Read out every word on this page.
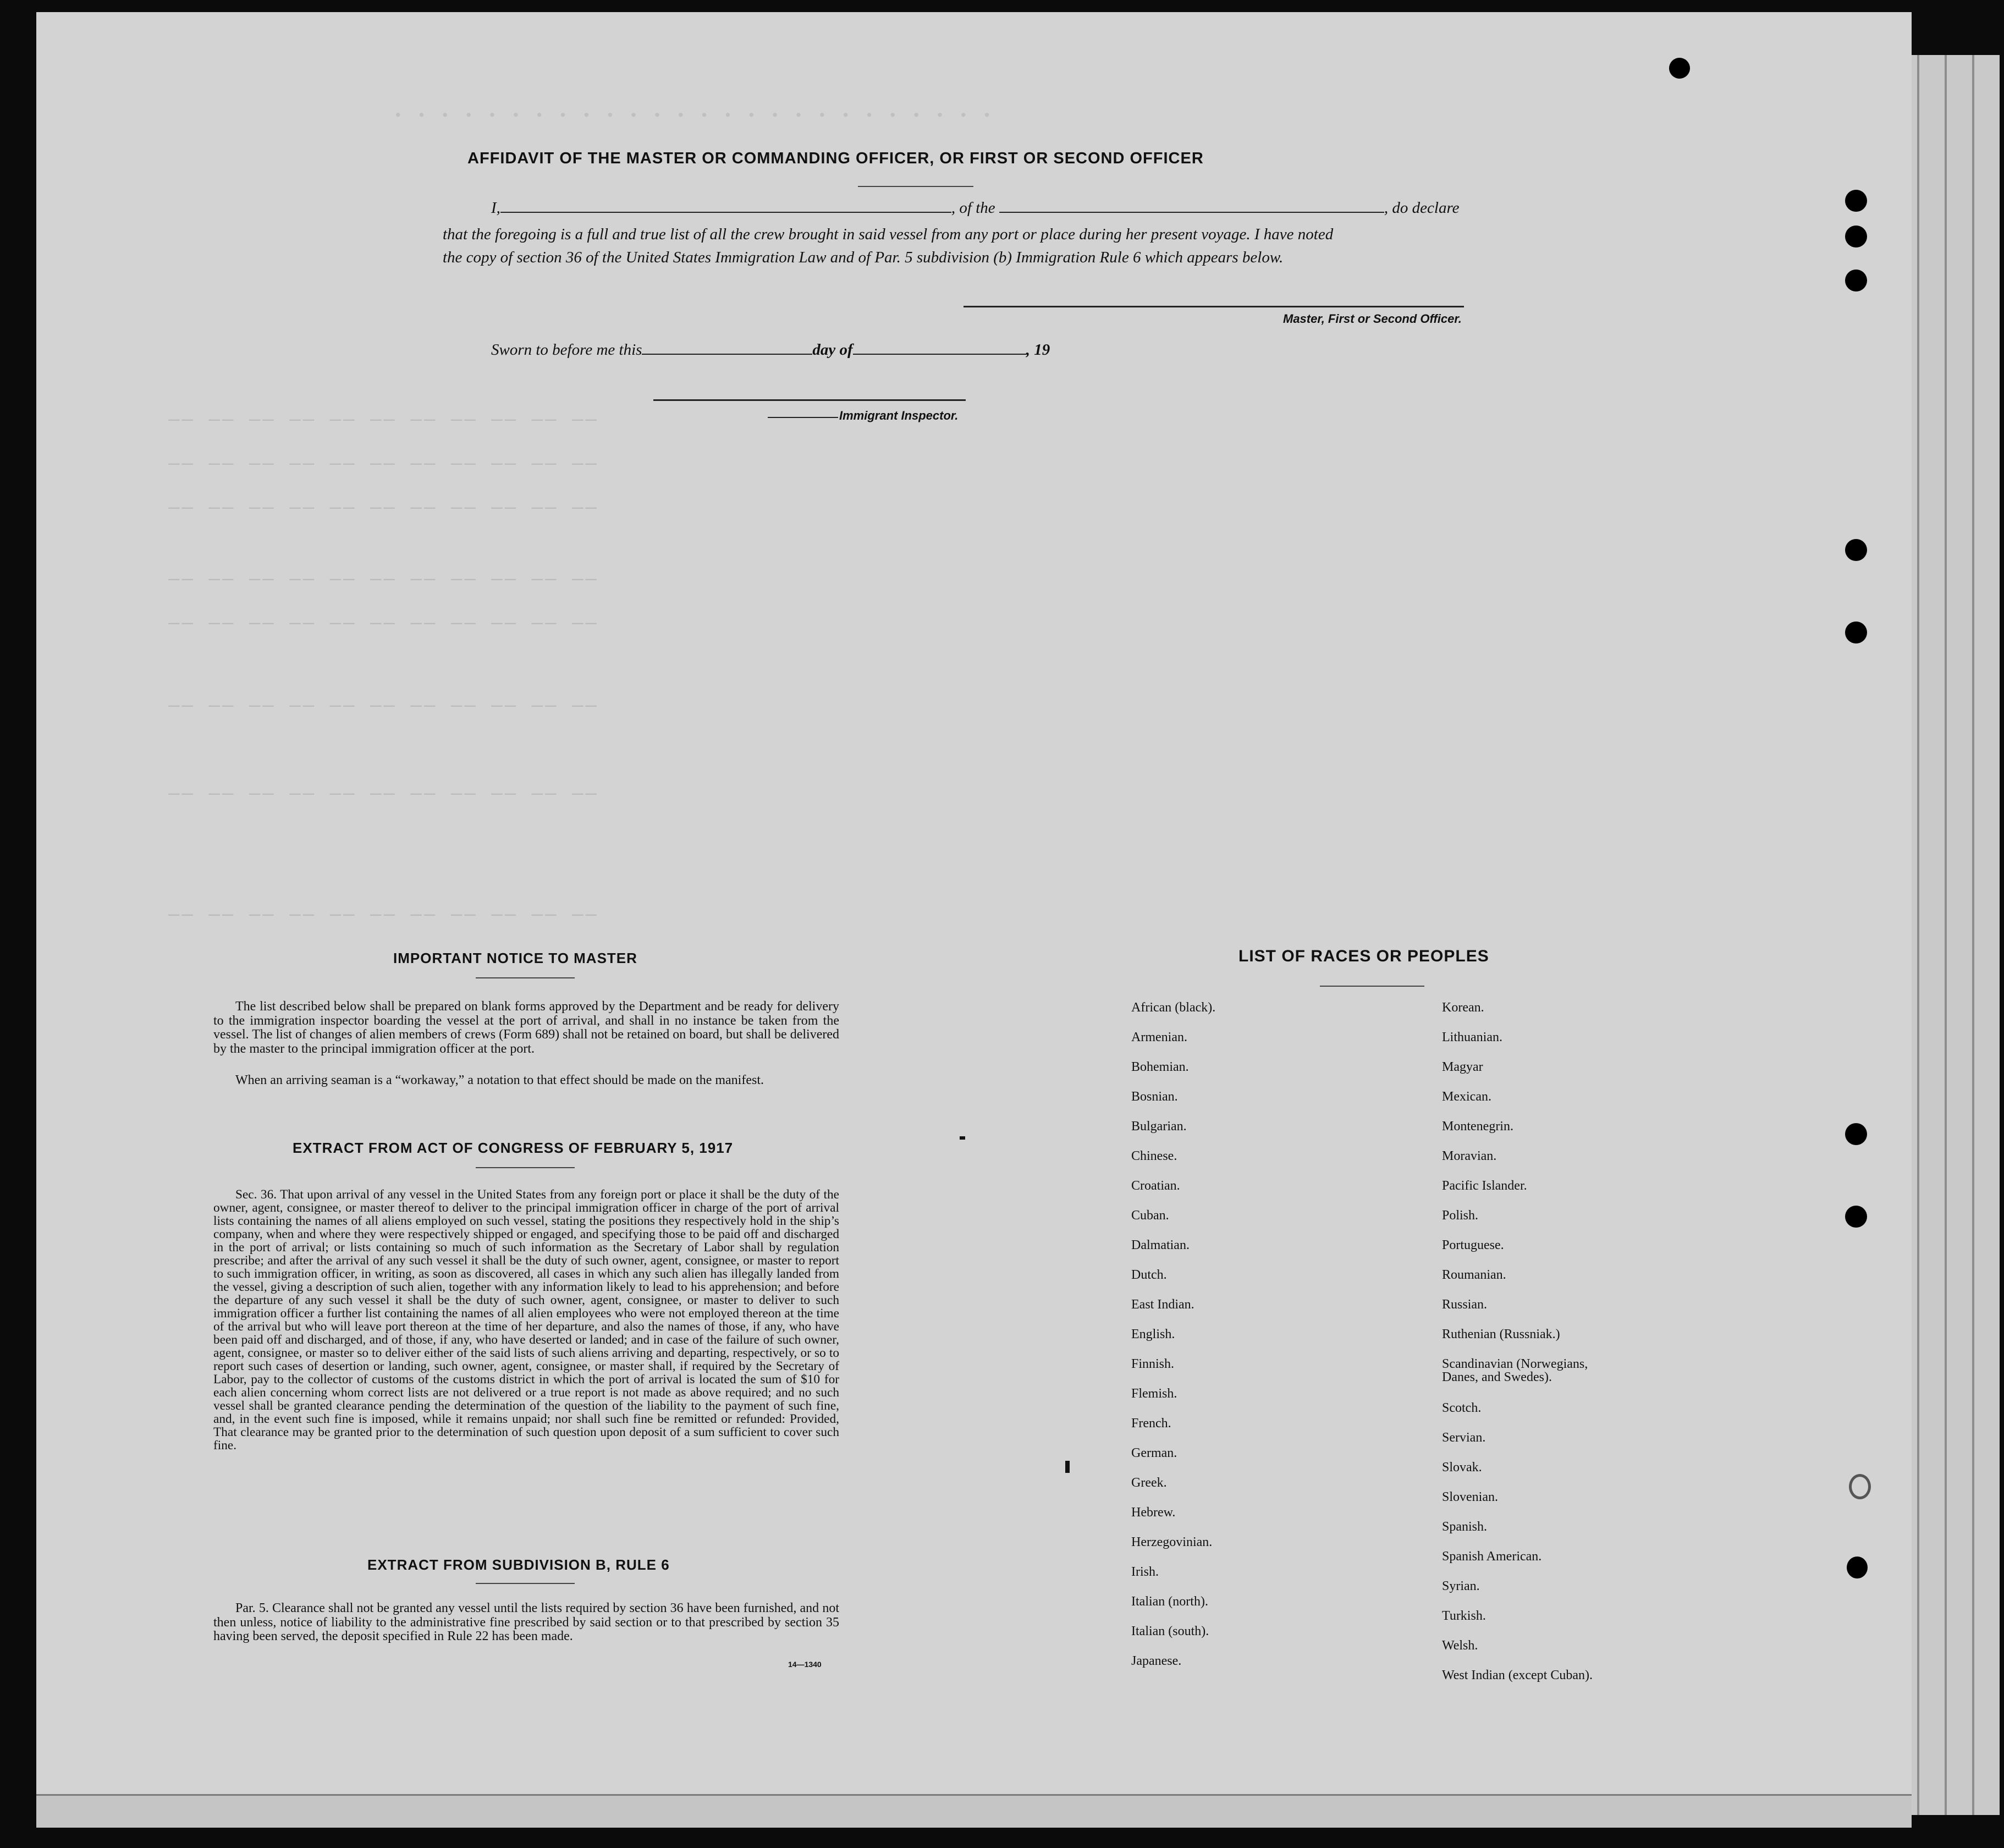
· · · · · · · · · · · · · · · · · · · · · · · · · ·
‒‒ ‒‒ ‒‒ ‒‒ ‒‒ ‒‒ ‒‒ ‒‒ ‒‒ ‒‒ ‒‒
‒‒ ‒‒ ‒‒ ‒‒ ‒‒ ‒‒ ‒‒ ‒‒ ‒‒ ‒‒ ‒‒
‒‒ ‒‒ ‒‒ ‒‒ ‒‒ ‒‒ ‒‒ ‒‒ ‒‒ ‒‒ ‒‒
‒‒ ‒‒ ‒‒ ‒‒ ‒‒ ‒‒ ‒‒ ‒‒ ‒‒ ‒‒ ‒‒
‒‒ ‒‒ ‒‒ ‒‒ ‒‒ ‒‒ ‒‒ ‒‒ ‒‒ ‒‒ ‒‒
‒‒ ‒‒ ‒‒ ‒‒ ‒‒ ‒‒ ‒‒ ‒‒ ‒‒ ‒‒ ‒‒
‒‒ ‒‒ ‒‒ ‒‒ ‒‒ ‒‒ ‒‒ ‒‒ ‒‒ ‒‒ ‒‒
‒‒ ‒‒ ‒‒ ‒‒ ‒‒ ‒‒ ‒‒ ‒‒ ‒‒ ‒‒ ‒‒
AFFIDAVIT OF THE MASTER OR COMMANDING OFFICER, OR FIRST OR SECOND OFFICER
I,	, of the	, do declare
that the foregoing is a full and true list of all the crew brought in said vessel from any port or place during her present voyage. I have noted
the copy of section 36 of the United States Immigration Law and of Par. 5 subdivision (b) Immigration Rule 6 which appears below.
Master, First or Second Officer.
Sworn to before me this	day of	, 19
Immigrant Inspector.
IMPORTANT NOTICE TO MASTER
The list described below shall be prepared on blank forms approved by the Department and be ready for delivery to the immigration inspector boarding the vessel at the port of arrival, and shall in no instance be taken from the vessel. The list of changes of alien members of crews (Form 689) shall not be retained on board, but shall be delivered by the master to the principal immigration officer at the port.
When an arriving seaman is a “workaway,” a notation to that effect should be made on the manifest.
EXTRACT FROM ACT OF CONGRESS OF FEBRUARY 5, 1917
Sec. 36. That upon arrival of any vessel in the United States from any foreign port or place it shall be the duty of the owner, agent, consignee, or master thereof to deliver to the principal immigration officer in charge of the port of arrival lists containing the names of all aliens employed on such vessel, stating the positions they respectively hold in the ship’s company, when and where they were respectively shipped or engaged, and specifying those to be paid off and discharged in the port of arrival; or lists containing so much of such information as the Secretary of Labor shall by regulation prescribe; and after the arrival of any such vessel it shall be the duty of such owner, agent, consignee, or master to report to such immigration officer, in writing, as soon as discovered, all cases in which any such alien has illegally landed from the vessel, giving a description of such alien, together with any information likely to lead to his apprehension; and before the departure of any such vessel it shall be the duty of such owner, agent, consignee, or master to deliver to such immigration officer a further list containing the names of all alien employees who were not employed thereon at the time of the arrival but who will leave port thereon at the time of her departure, and also the names of those, if any, who have been paid off and discharged, and of those, if any, who have deserted or landed; and in case of the failure of such owner, agent, consignee, or master so to deliver either of the said lists of such aliens arriving and departing, respectively, or so to report such cases of desertion or landing, such owner, agent, consignee, or master shall, if required by the Secretary of Labor, pay to the collector of customs of the customs district in which the port of arrival is located the sum of $10 for each alien concerning whom correct lists are not delivered or a true report is not made as above required; and no such vessel shall be granted clearance pending the determination of the question of the liability to the payment of such fine, and, in the event such fine is imposed, while it remains unpaid; nor shall such fine be remitted or refunded: Provided, That clearance may be granted prior to the determination of such question upon deposit of a sum sufficient to cover such fine.
EXTRACT FROM SUBDIVISION B, RULE 6
Par. 5. Clearance shall not be granted any vessel until the lists required by section 36 have been furnished, and not then unless, notice of liability to the administrative fine prescribed by said section or to that prescribed by section 35 having been served, the deposit specified in Rule 22 has been made.
14—1340
LIST OF RACES OR PEOPLES
African (black).
Armenian.
Bohemian.
Bosnian.
Bulgarian.
Chinese.
Croatian.
Cuban.
Dalmatian.
Dutch.
East Indian.
English.
Finnish.
Flemish.
French.
German.
Greek.
Hebrew.
Herzegovinian.
Irish.
Italian (north).
Italian (south).
Japanese.
Korean.
Lithuanian.
Magyar
Mexican.
Montenegrin.
Moravian.
Pacific Islander.
Polish.
Portuguese.
Roumanian.
Russian.
Ruthenian (Russniak.)
Scandinavian (Norwegians,
Danes, and Swedes).
Scotch.
Servian.
Slovak.
Slovenian.
Spanish.
Spanish American.
Syrian.
Turkish.
Welsh.
West Indian (except Cuban).
